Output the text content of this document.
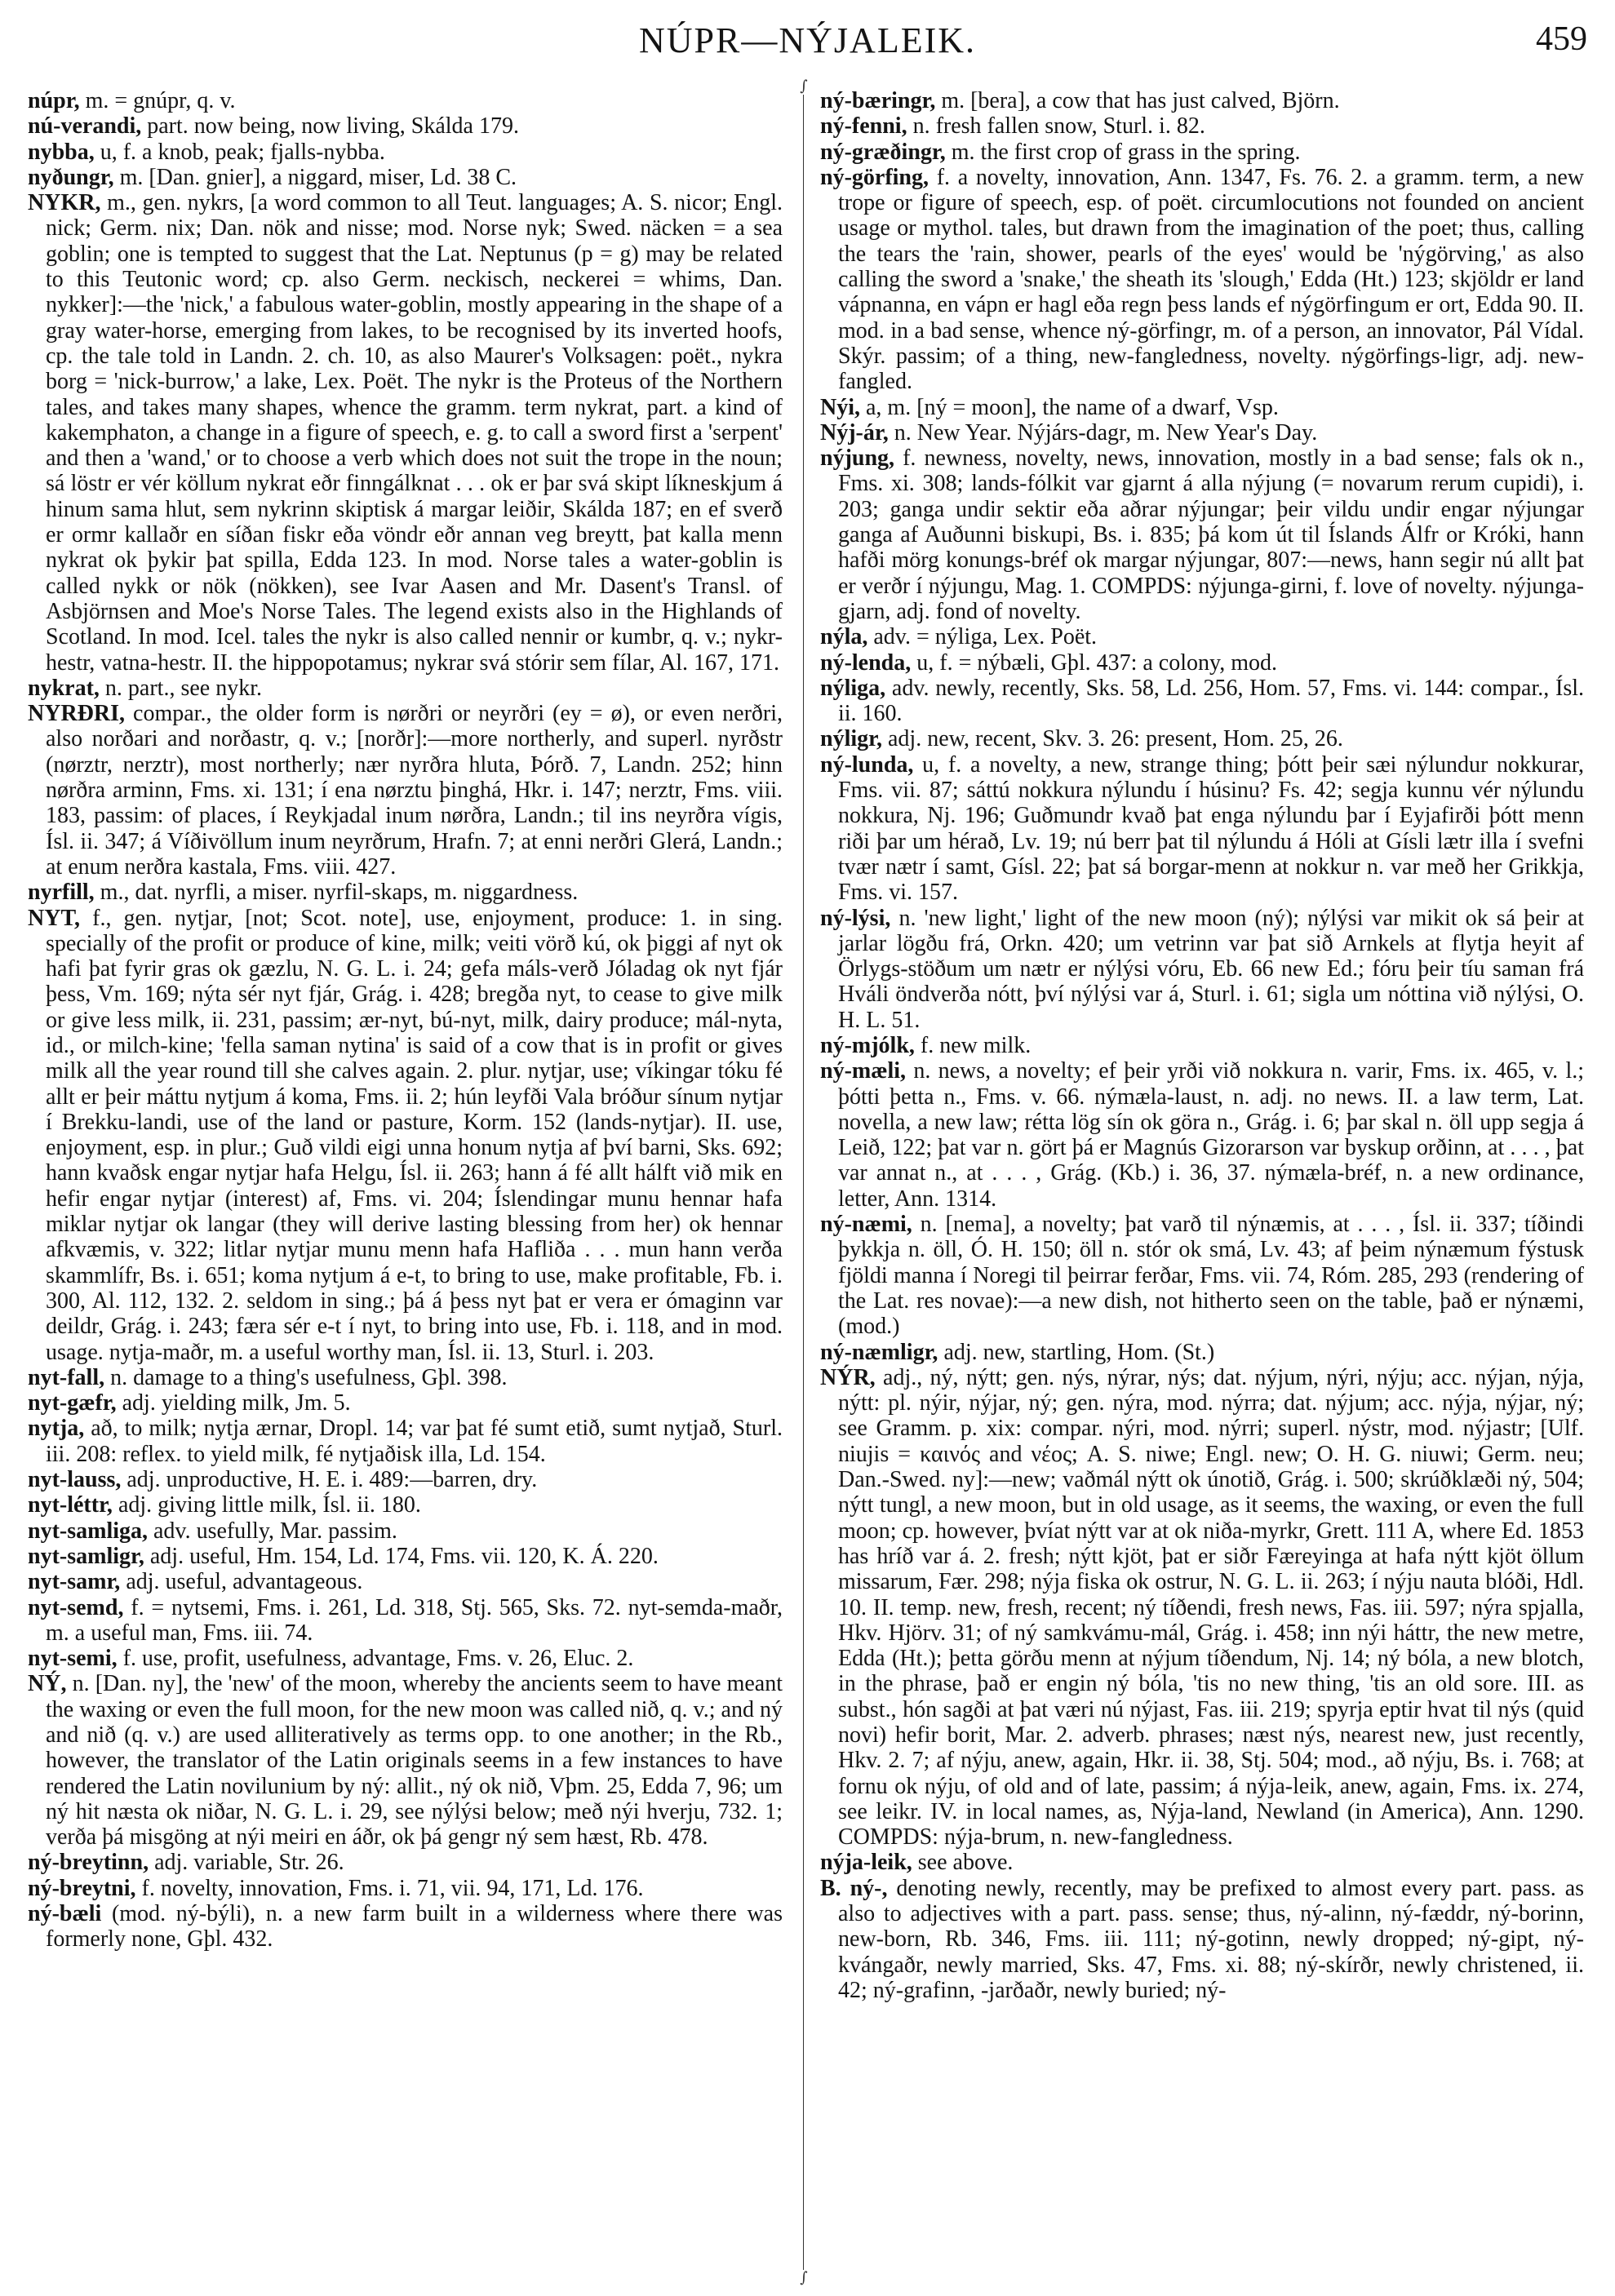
NÚPR—NÝJALEIK.	459
∫
∫

núpr, m. = gnúpr, q. v.

nú-verandi, part. now being, now living, Skálda 179.

nybba, u, f. a knob, peak; fjalls-nybba.

nyðungr, m. [Dan. gnier], a niggard, miser, Ld. 38 C.

NYKR, m., gen. nykrs, [a word common to all Teut. languages; A. S. nicor; Engl. nick; Germ. nix; Dan. nök and nisse; mod. Norse nyk; Swed. näcken = a sea goblin; one is tempted to suggest that the Lat. Neptunus (p = g) may be related to this Teutonic word; cp. also Germ. neckisch, neckerei = whims, Dan. nykker]:—the 'nick,' a fabulous water-goblin, mostly appearing in the shape of a gray water-horse, emerging from lakes, to be recognised by its inverted hoofs, cp. the tale told in Landn. 2. ch. 10, as also Maurer's Volksagen: poët., nykra borg = 'nick-burrow,' a lake, Lex. Poët. The nykr is the Proteus of the Northern tales, and takes many shapes, whence the gramm. term nykrat, part. a kind of kakemphaton, a change in a figure of speech, e. g. to call a sword first a 'serpent' and then a 'wand,' or to choose a verb which does not suit the trope in the noun; sá löstr er vér köllum nykrat eðr finngálknat . . . ok er þar svá skipt líkneskjum á hinum sama hlut, sem nykrinn skiptisk á margar leiðir, Skálda 187; en ef sverð er ormr kallaðr en síðan fiskr eða vöndr eðr annan veg breytt, þat kalla menn nykrat ok þykir þat spilla, Edda 123. In mod. Norse tales a water-goblin is called nykk or nök (nökken), see Ivar Aasen and Mr. Dasent's Transl. of Asbjörnsen and Moe's Norse Tales. The legend exists also in the Highlands of Scotland. In mod. Icel. tales the nykr is also called nennir or kumbr, q. v.; nykr-hestr, vatna-hestr. II. the hippopotamus; nykrar svá stórir sem fílar, Al. 167, 171.

nykrat, n. part., see nykr.

NYRÐRI, compar., the older form is nørðri or neyrðri (ey = ø), or even nerðri, also norðari and norðastr, q. v.; [norðr]:—more northerly, and superl. nyrðstr (nørztr, nerztr), most northerly; nær nyrðra hluta, Þórð. 7, Landn. 252; hinn nørðra arminn, Fms. xi. 131; í ena nørztu þinghá, Hkr. i. 147; nerztr, Fms. viii. 183, passim: of places, í Reykjadal inum nørðra, Landn.; til ins neyrðra vígis, Ísl. ii. 347; á Víðivöllum inum neyrðrum, Hrafn. 7; at enni nerðri Glerá, Landn.; at enum nerðra kastala, Fms. viii. 427.

nyrfill, m., dat. nyrfli, a miser. nyrfil-skaps, m. niggardness.

NYT, f., gen. nytjar, [not; Scot. note], use, enjoyment, produce: 1. in sing. specially of the profit or produce of kine, milk; veiti vörð kú, ok þiggi af nyt ok hafi þat fyrir gras ok gæzlu, N. G. L. i. 24; gefa máls-verð Jóladag ok nyt fjár þess, Vm. 169; nýta sér nyt fjár, Grág. i. 428; bregða nyt, to cease to give milk or give less milk, ii. 231, passim; ær-nyt, bú-nyt, milk, dairy produce; mál-nyta, id., or milch-kine; 'fella saman nytina' is said of a cow that is in profit or gives milk all the year round till she calves again. 2. plur. nytjar, use; víkingar tóku fé allt er þeir máttu nytjum á koma, Fms. ii. 2; hún leyfði Vala bróður sínum nytjar í Brekku-landi, use of the land or pasture, Korm. 152 (lands-nytjar). II. use, enjoyment, esp. in plur.; Guð vildi eigi unna honum nytja af því barni, Sks. 692; hann kvaðsk engar nytjar hafa Helgu, Ísl. ii. 263; hann á fé allt hálft við mik en hefir engar nytjar (interest) af, Fms. vi. 204; Íslendingar munu hennar hafa miklar nytjar ok langar (they will derive lasting blessing from her) ok hennar afkvæmis, v. 322; litlar nytjar munu menn hafa Hafliða . . . mun hann verða skammlífr, Bs. i. 651; koma nytjum á e-t, to bring to use, make profitable, Fb. i. 300, Al. 112, 132. 2. seldom in sing.; þá á þess nyt þat er vera er ómaginn var deildr, Grág. i. 243; færa sér e-t í nyt, to bring into use, Fb. i. 118, and in mod. usage. nytja-maðr, m. a useful worthy man, Ísl. ii. 13, Sturl. i. 203.

nyt-fall, n. damage to a thing's usefulness, Gþl. 398.

nyt-gæfr, adj. yielding milk, Jm. 5.

nytja, að, to milk; nytja ærnar, Dropl. 14; var þat fé sumt etið, sumt nytjað, Sturl. iii. 208: reflex. to yield milk, fé nytjaðisk illa, Ld. 154.

nyt-lauss, adj. unproductive, H. E. i. 489:—barren, dry.

nyt-léttr, adj. giving little milk, Ísl. ii. 180.

nyt-samliga, adv. usefully, Mar. passim.

nyt-samligr, adj. useful, Hm. 154, Ld. 174, Fms. vii. 120, K. Á. 220.

nyt-samr, adj. useful, advantageous.

nyt-semd, f. = nytsemi, Fms. i. 261, Ld. 318, Stj. 565, Sks. 72. nyt-semda-maðr, m. a useful man, Fms. iii. 74.

nyt-semi, f. use, profit, usefulness, advantage, Fms. v. 26, Eluc. 2.

NÝ, n. [Dan. ny], the 'new' of the moon, whereby the ancients seem to have meant the waxing or even the full moon, for the new moon was called nið, q. v.; and ný and nið (q. v.) are used alliteratively as terms opp. to one another; in the Rb., however, the translator of the Latin originals seems in a few instances to have rendered the Latin novilunium by ný: allit., ný ok nið, Vþm. 25, Edda 7, 96; um ný hit næsta ok niðar, N. G. L. i. 29, see nýlýsi below; með nýi hverju, 732. 1; verða þá misgöng at nýi meiri en áðr, ok þá gengr ný sem hæst, Rb. 478.

ný-breytinn, adj. variable, Str. 26.

ný-breytni, f. novelty, innovation, Fms. i. 71, vii. 94, 171, Ld. 176.

ný-bæli (mod. ný-býli), n. a new farm built in a wilderness where there was formerly none, Gþl. 432.

ný-bæringr, m. [bera], a cow that has just calved, Björn.

ný-fenni, n. fresh fallen snow, Sturl. i. 82.

ný-græðingr, m. the first crop of grass in the spring.

ný-görfing, f. a novelty, innovation, Ann. 1347, Fs. 76. 2. a gramm. term, a new trope or figure of speech, esp. of poët. circumlocutions not founded on ancient usage or mythol. tales, but drawn from the imagination of the poet; thus, calling the tears the 'rain, shower, pearls of the eyes' would be 'nýgörving,' as also calling the sword a 'snake,' the sheath its 'slough,' Edda (Ht.) 123; skjöldr er land vápnanna, en vápn er hagl eða regn þess lands ef nýgörfingum er ort, Edda 90. II. mod. in a bad sense, whence ný-görfingr, m. of a person, an innovator, Pál Vídal. Skýr. passim; of a thing, new-fangledness, novelty. nýgörfings-ligr, adj. new-fangled.

Nýi, a, m. [ný = moon], the name of a dwarf, Vsp.

Nýj-ár, n. New Year. Nýjárs-dagr, m. New Year's Day.

nýjung, f. newness, novelty, news, innovation, mostly in a bad sense; fals ok n., Fms. xi. 308; lands-fólkit var gjarnt á alla nýjung (= novarum rerum cupidi), i. 203; ganga undir sektir eða aðrar nýjungar; þeir vildu undir engar nýjungar ganga af Auðunni biskupi, Bs. i. 835; þá kom út til Íslands Álfr or Króki, hann hafði mörg konungs-bréf ok margar nýjungar, 807:—news, hann segir nú allt þat er verðr í nýjungu, Mag. 1. COMPDS: nýjunga-girni, f. love of novelty. nýjunga-gjarn, adj. fond of novelty.

nýla, adv. = nýliga, Lex. Poët.

ný-lenda, u, f. = nýbæli, Gþl. 437: a colony, mod.

nýliga, adv. newly, recently, Sks. 58, Ld. 256, Hom. 57, Fms. vi. 144: compar., Ísl. ii. 160.

nýligr, adj. new, recent, Skv. 3. 26: present, Hom. 25, 26.

ný-lunda, u, f. a novelty, a new, strange thing; þótt þeir sæi nýlundur nokkurar, Fms. vii. 87; sáttú nokkura nýlundu í húsinu? Fs. 42; segja kunnu vér nýlundu nokkura, Nj. 196; Guðmundr kvað þat enga nýlundu þar í Eyjafirði þótt menn riði þar um hérað, Lv. 19; nú berr þat til nýlundu á Hóli at Gísli lætr illa í svefni tvær nætr í samt, Gísl. 22; þat sá borgar-menn at nokkur n. var með her Grikkja, Fms. vi. 157.

ný-lýsi, n. 'new light,' light of the new moon (ný); nýlýsi var mikit ok sá þeir at jarlar lögðu frá, Orkn. 420; um vetrinn var þat sið Arnkels at flytja heyit af Örlygs-stöðum um nætr er nýlýsi vóru, Eb. 66 new Ed.; fóru þeir tíu saman frá Hváli öndverða nótt, því nýlýsi var á, Sturl. i. 61; sigla um nóttina við nýlýsi, O. H. L. 51.

ný-mjólk, f. new milk.

ný-mæli, n. news, a novelty; ef þeir yrði við nokkura n. varir, Fms. ix. 465, v. l.; þótti þetta n., Fms. v. 66. nýmæla-laust, n. adj. no news. II. a law term, Lat. novella, a new law; rétta lög sín ok göra n., Grág. i. 6; þar skal n. öll upp segja á Leið, 122; þat var n. gört þá er Magnús Gizorarson var byskup orðinn, at . . . , þat var annat n., at . . . , Grág. (Kb.) i. 36, 37. nýmæla-bréf, n. a new ordinance, letter, Ann. 1314.

ný-næmi, n. [nema], a novelty; þat varð til nýnæmis, at . . . , Ísl. ii. 337; tíðindi þykkja n. öll, Ó. H. 150; öll n. stór ok smá, Lv. 43; af þeim nýnæmum fýstusk fjöldi manna í Noregi til þeirrar ferðar, Fms. vii. 74, Róm. 285, 293 (rendering of the Lat. res novae):—a new dish, not hitherto seen on the table, það er nýnæmi, (mod.)

ný-næmligr, adj. new, startling, Hom. (St.)

NÝR, adj., ný, nýtt; gen. nýs, nýrar, nýs; dat. nýjum, nýri, nýju; acc. nýjan, nýja, nýtt: pl. nýir, nýjar, ný; gen. nýra, mod. nýrra; dat. nýjum; acc. nýja, nýjar, ný; see Gramm. p. xix: compar. nýri, mod. nýrri; superl. nýstr, mod. nýjastr; [Ulf. niujis = καινός and νέος; A. S. niwe; Engl. new; O. H. G. niuwi; Germ. neu; Dan.-Swed. ny]:—new; vaðmál nýtt ok únotið, Grág. i. 500; skrúðklæði ný, 504; nýtt tungl, a new moon, but in old usage, as it seems, the waxing, or even the full moon; cp. however, þvíat nýtt var at ok niða-myrkr, Grett. 111 A, where Ed. 1853 has hríð var á. 2. fresh; nýtt kjöt, þat er siðr Færeyinga at hafa nýtt kjöt öllum missarum, Fær. 298; nýja fiska ok ostrur, N. G. L. ii. 263; í nýju nauta blóði, Hdl. 10. II. temp. new, fresh, recent; ný tíðendi, fresh news, Fas. iii. 597; nýra spjalla, Hkv. Hjörv. 31; of ný samkvámu-mál, Grág. i. 458; inn nýi háttr, the new metre, Edda (Ht.); þetta görðu menn at nýjum tíðendum, Nj. 14; ný bóla, a new blotch, in the phrase, það er engin ný bóla, 'tis no new thing, 'tis an old sore. III. as subst., hón sagði at þat væri nú nýjast, Fas. iii. 219; spyrja eptir hvat til nýs (quid novi) hefir borit, Mar. 2. adverb. phrases; næst nýs, nearest new, just recently, Hkv. 2. 7; af nýju, anew, again, Hkr. ii. 38, Stj. 504; mod., að nýju, Bs. i. 768; at fornu ok nýju, of old and of late, passim; á nýja-leik, anew, again, Fms. ix. 274, see leikr. IV. in local names, as, Nýja-land, Newland (in America), Ann. 1290. COMPDS: nýja-brum, n. new-fangledness.

nýja-leik, see above.

B. ný-, denoting newly, recently, may be prefixed to almost every part. pass. as also to adjectives with a part. pass. sense; thus, ný-alinn, ný-fæddr, ný-borinn, new-born, Rb. 346, Fms. iii. 111; ný-gotinn, newly dropped; ný-gipt, ný-kvángaðr, newly married, Sks. 47, Fms. xi. 88; ný-skírðr, newly christened, ii. 42; ný-grafinn, -jarðaðr, newly buried; ný-
